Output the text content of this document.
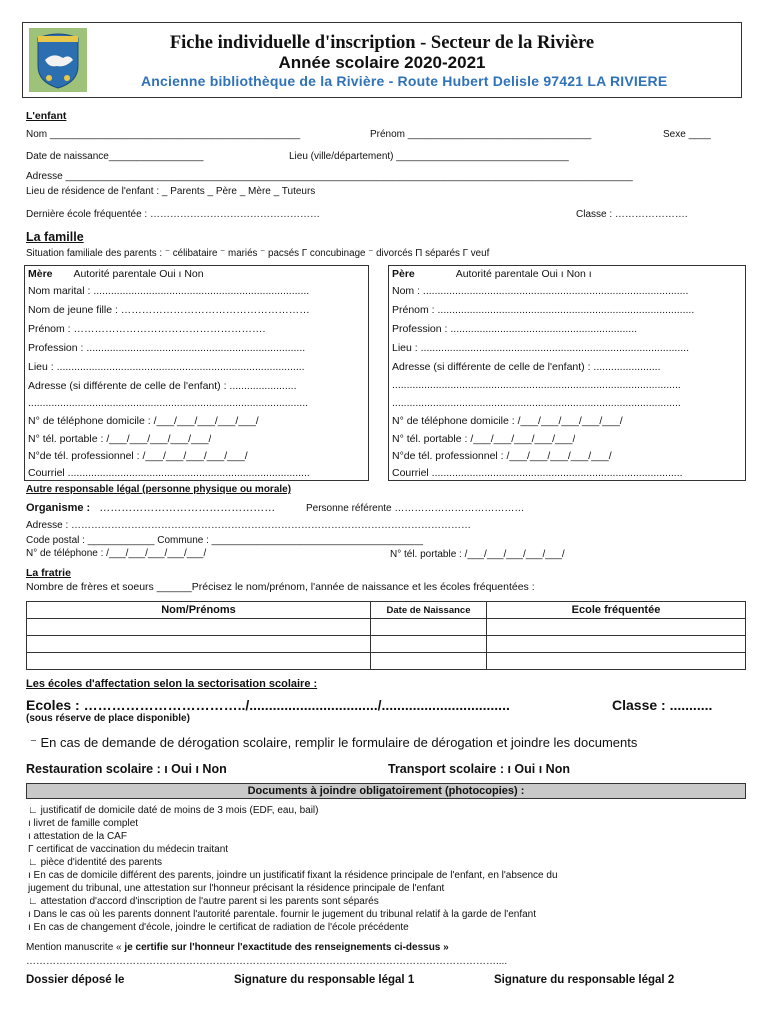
Fiche individuelle d'inscription - Secteur de la Rivière
Année scolaire 2020-2021
Ancienne bibliothèque de la Rivière - Route Hubert Delisle 97421 LA RIVIERE
L'enfant
Nom _____________________________________________	Prénom _________________________________	Sexe ____
Date de naissance_________________	Lieu (ville/département) _______________________________
Adresse ______________________________________________________________________________________________________
Lieu de résidence de l'enfant : _ Parents _ Père _ Mère _ Tuteurs
Dernière école fréquentée : ……………………………………………	Classe : ………………….
La famille
Situation familiale des parents : ⁻ célibataire ⁻ mariés ⁻ pacsés Γ concubinage ⁻ divorcés Π séparés Γ veuf
Mère Autorité parentale Oui ı Non
Nom marital : ..........................................................................
Nom de jeune fille : ………………………………………………
Prénom : ……………………………………………….
Profession : ...........................................................................
Lieu : .....................................................................................
Adresse (si différente de celle de l'enfant) : .......................
................................................................................................
N° de téléphone domicile : /___/___/___/___/___/
N° tél. portable : /___/___/___/___/___/
N°de tél. professionnel : /___/___/___/___/___/
Courriel ...................................................................................
Père	Autorité parentale Oui ı Non ı
Nom : ...........................................................................................
Prénom : ........................................................................................
Profession : ................................................................
Lieu : ............................................................................................
Adresse (si différente de celle de l'enfant) : .......................
...................................................................................................
...................................................................................................
N° de téléphone domicile : /___/___/___/___/___/
N° tél. portable : /___/___/___/___/___/
N°de tél. professionnel : /___/___/___/___/___/
Courriel ......................................................................................
Autre responsable légal (personne physique ou morale)
Organisme : …………………………………………	Personne référente …………………………………
Adresse : …………………………………………………………………………………………………………
Code postal : ____________ Commune : ______________________________________
N° de téléphone : /___/___/___/___/___/	N° tél. portable : /___/___/___/___/___/
La fratrie
Nombre de frères et soeurs ______Précisez le nom/prénom, l'année de naissance et les écoles fréquentées :
Nom/Prénoms	Date de Naissance	Ecole fréquentée

Les écoles d'affectation selon la sectorisation scolaire :
Ecoles : ……………………………../................................./.................................	Classe : ...........
(sous réserve de place disponible)
⁻ En cas de demande de dérogation scolaire, remplir le formulaire de dérogation et joindre les documents
Restauration scolaire : ı Oui ı Non	Transport scolaire : ı Oui ı Non
Documents à joindre obligatoirement (photocopies) :
∟ justificatif de domicile daté de moins de 3 mois (EDF, eau, bail)
ı livret de famille complet
ı attestation de la CAF
Γ certificat de vaccination du médecin traitant
∟ pièce d'identité des parents
ı En cas de domicile différent des parents, joindre un justificatif fixant la résidence principale de l'enfant, en l'absence du
jugement du tribunal, une attestation sur l'honneur précisant la résidence principale de l'enfant
∟ attestation d'accord d'inscription de l'autre parent si les parents sont séparés
ı Dans le cas où les parents donnent l'autorité parentale. fournir le jugement du tribunal relatif à la garde de l'enfant
ı En cas de changement d'école, joindre le certificat de radiation de l'école précédente
Mention manuscrite « je certifie sur l'honneur l'exactitude des renseignements ci-dessus »
……………………………………………………………………………………………………………………………....
Dossier déposé le	Signature du responsable légal 1	Signature du responsable légal 2
